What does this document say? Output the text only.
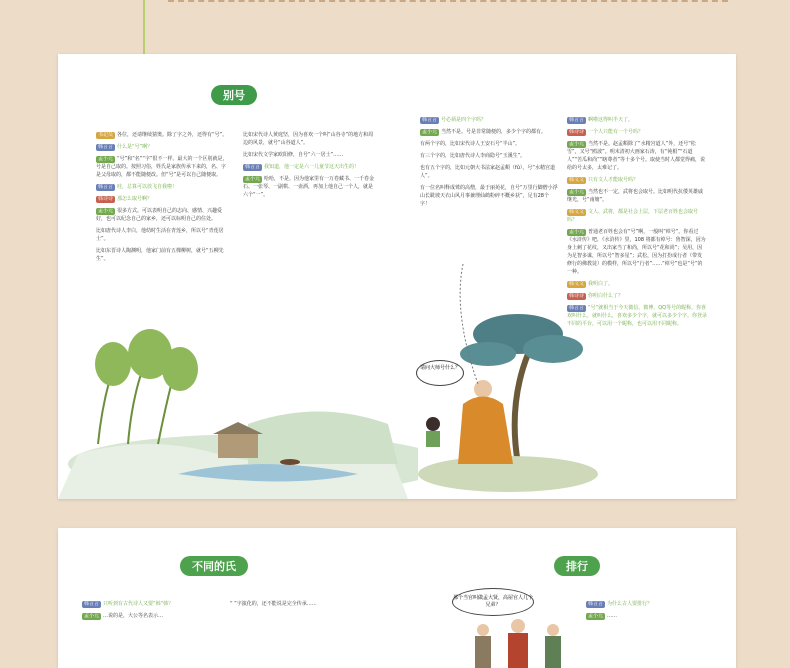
别号

书记员 各位，还请继续猜奥。除了字之外，还得有“号”。

韩言言 什么是“号”啊？

孟小元 “号”和“名”“字”很不一样。最大的一个区别就是，号是自己取的。按照习俗，姓氏是家族传承下来的，名、字是父母取的，都不能随便改。但“号”是可以自己随便取。

韩言言 哇，总算可以放飞自我啦！

韩诗诗 那怎么取号啊？

孟小元 很多方式。可以表明自己的志向、感情、兴趣爱好，也可以纪念自己的家乡，还可以标明自己的住处。

比如唐代诗人李白，他幼时生活在青莲乡，所以号“青莲居士”。

比如东晋诗人陶渊明，他家门前有五棵柳树，就号“五柳先生”。

比如宋代诗人黄庭坚，因为喜欢一个叫“山谷寺”的地方和周边的风景，就号“山谷道人”。

比如宋代文学家欧阳修，自号“六一居士”……

韩言言 我知道，他一定是六一儿童节这天出生的！

孟小元 哈哈，不是。因为他家里有一万卷藏书、一千卷金石、一张琴、一副棋、一壶酒，再加上他自己一个人，就是六个“一”。

韩言言 号必须是四个字吗？

孟小元 当然不是。号是非常随便的，多少个字的都有。

有两个字的，比如宋代诗人王安石号“半山”。

有三个字的，比如唐代诗人李商隐号“玉溪生”。

也有五个字的，比如元朝大书法家赵孟頫（fǔ），号“水精宫道人”。

有一位名叫释成鹫的高僧，最于丽苑花，自号“万里行脚僧小浮山长跣坡天衣山风月事兼理仙鹤粉碎不概乡获”，足有28个字！

韩言言 啊啦这得叫半天了。

韩诗诗 一个人只能有一个号吗？

孟小元 当然不是。赵孟頫除了“水精宫道人”外，还号“松雪”，又号“鸥波”。明末清初大画家石涛，有“钝根”“石道人”“苦瓜和尚”“瞎尊者”等十多个号。取使当时人都觉得痛，说给的号太多，太难记了。

韩文文 只有文人才能取号吗？

孟小元 当然也不一定，武将也会取号。比如明代抗倭英雄戚继光，号“南塘”。

韩文文 文人、武将，都是社会上层，下层老百姓也会取号吗？

孟小元 普通老百姓也会有“号”啊，一般叫“绰号”。你看过《水浒传》吧，《水浒传》里，108 将都有绰号：鲁智深，因为身上刺了花纹，又出家当了和尚，所以号“花和尚”；吴用，因为足智多谋，所以号“智多星”；武松，因为打扮成行者（带发修行的佛教徒）的模样，所以号“行者”……“绰号”也是“号”的一种。

韩文文 我明白了。

韩诗诗 你明白什么了？

韩言言 “号”就相当于今天微信、微博、QQ等号的昵称，你喜欢叫什么，就叫什么，喜欢多少个字，就可以多少个字。你登录不同的平台，可以用一个昵称，也可以用不同昵称。

请问大师号什么？
不同的氏	排行

韩言言 只听到有古代诗人又要“韩”韩？

孟小元 …说的是，大公等名表示…

“ ”字演化的，还不能说是完全传承……	韩言言 为什么古人要排行？

孟小元 ……

那个当官叫做孟大贤，高屋官人几个兄弟？
